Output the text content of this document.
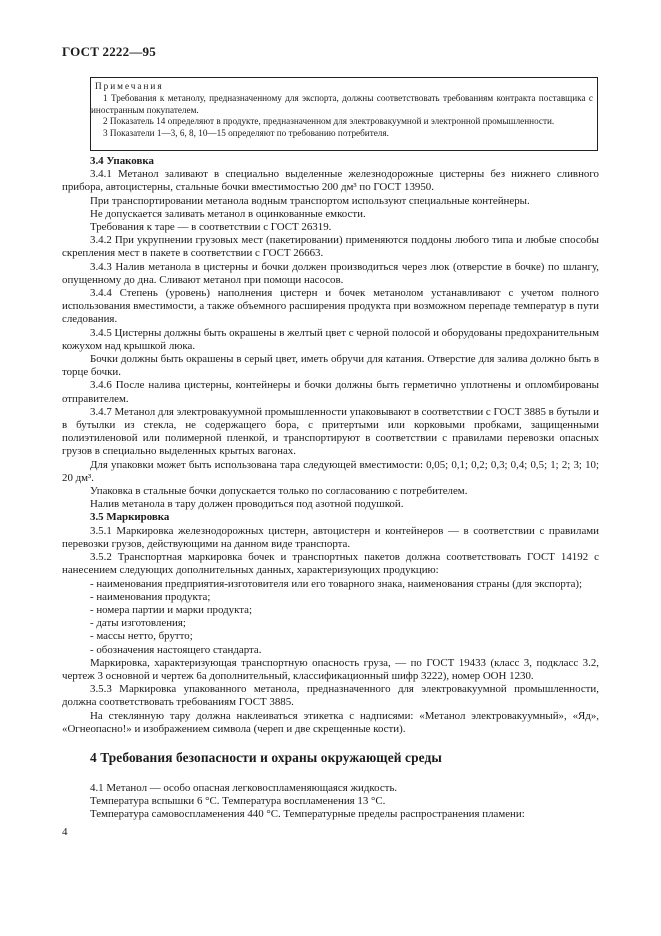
ГОСТ 2222—95
Примечания

1 Требования к метанолу, предназначенному для экспорта, должны соответствовать требованиям контракта поставщика с иностранным покупателем.

2 Показатель 14 определяют в продукте, предназначенном для электровакуумной и электронной промышленности.

3 Показатели 1—3, 6, 8, 10—15 определяют по требованию потребителя.

3.4 Упаковка

3.4.1 Метанол заливают в специально выделенные железнодорожные цистерны без нижнего сливного прибора, автоцистерны, стальные бочки вместимостью 200 дм³ по ГОСТ 13950.

При транспортировании метанола водным транспортом используют специальные контейнеры.

Не допускается заливать метанол в оцинкованные емкости.

Требования к таре — в соответствии с ГОСТ 26319.

3.4.2 При укрупнении грузовых мест (пакетировании) применяются поддоны любого типа и любые способы скрепления мест в пакете в соответствии с ГОСТ 26663.

3.4.3 Налив метанола в цистерны и бочки должен производиться через люк (отверстие в бочке) по шлангу, опущенному до дна. Сливают метанол при помощи насосов.

3.4.4 Степень (уровень) наполнения цистерн и бочек метанолом устанавливают с учетом полного использования вместимости, а также объемного расширения продукта при возможном перепаде температур в пути следования.

3.4.5 Цистерны должны быть окрашены в желтый цвет с черной полосой и оборудованы предохранительным кожухом над крышкой люка.

Бочки должны быть окрашены в серый цвет, иметь обручи для катания. Отверстие для залива должно быть в торце бочки.

3.4.6 После налива цистерны, контейнеры и бочки должны быть герметично уплотнены и опломбированы отправителем.

3.4.7 Метанол для электровакуумной промышленности упаковывают в соответствии с ГОСТ 3885 в бутыли и в бутылки из стекла, не содержащего бора, с притертыми или корковыми пробками, защищенными полиэтиленовой или полимерной пленкой, и транспортируют в соответствии с правилами перевозки опасных грузов в специально выделенных крытых вагонах.

Для упаковки может быть использована тара следующей вместимости: 0,05; 0,1; 0,2; 0,3; 0,4; 0,5; 1; 2; 3; 10; 20 дм³.

Упаковка в стальные бочки допускается только по согласованию с потребителем.

Налив метанола в тару должен проводиться под азотной подушкой.

3.5 Маркировка

3.5.1 Маркировка железнодорожных цистерн, автоцистерн и контейнеров — в соответствии с правилами перевозки грузов, действующими на данном виде транспорта.

3.5.2 Транспортная маркировка бочек и транспортных пакетов должна соответствовать ГОСТ 14192 с нанесением следующих дополнительных данных, характеризующих продукцию:

- наименования предприятия-изготовителя или его товарного знака, наименования страны (для экспорта);

- наименования продукта;

- номера партии и марки продукта;

- даты изготовления;

- массы нетто, брутто;

- обозначения настоящего стандарта.

Маркировка, характеризующая транспортную опасность груза, — по ГОСТ 19433 (класс 3, подкласс 3.2, чертеж 3 основной и чертеж 6а дополнительный, классификационный шифр 3222), номер ООН 1230.

3.5.3 Маркировка упакованного метанола, предназначенного для электровакуумной промышленности, должна соответствовать требованиям ГОСТ 3885.

На стеклянную тару должна наклеиваться этикетка с надписями: «Метанол электровакуумный», «Яд», «Огнеопасно!» и изображением символа (череп и две скрещенные кости).

4 Требования безопасности и охраны окружающей среды

4.1 Метанол — особо опасная легковоспламеняющаяся жидкость.

Температура вспышки 6 °С. Температура воспламенения 13 °С.

Температура самовоспламенения 440 °С. Температурные пределы распространения пламени:

4
